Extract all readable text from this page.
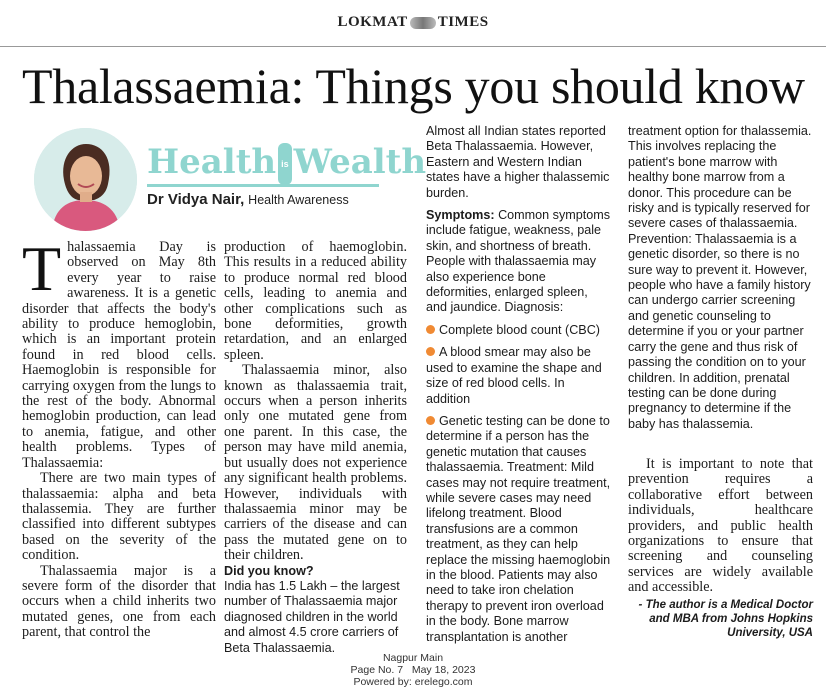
LOKMAT TIMES
Thalassaemia: Things you should know
Health is Wealth
Dr Vidya Nair, Health Awareness

Thalassaemia Day is observed on May 8th every year to raise awareness. It is a genetic disorder that affects the body's ability to produce hemoglobin, which is an important protein found in red blood cells. Haemoglobin is responsible for carrying oxygen from the lungs to the rest of the body. Abnormal hemoglobin production, can lead to anemia, fatigue, and other health problems. Types of Thalassaemia:

There are two main types of thalassaemia: alpha and beta thalassemia. They are further classified into different subtypes based on the severity of the condition.

Thalassaemia major is a severe form of the disorder that occurs when a child inherits two mutated genes, one from each parent, that control the

production of haemoglobin. This results in a reduced ability to produce normal red blood cells, leading to anemia and other complications such as bone deformities, growth retardation, and an enlarged spleen.

Thalassaemia minor, also known as thalassaemia trait, occurs when a person inherits only one mutated gene from one parent. In this case, the person may have mild anemia, but usually does not experience any significant health problems. However, individuals with thalassaemia minor may be carriers of the disease and can pass the mutated gene on to their children.

Did you know?
India has 1.5 Lakh – the largest number of Thalassaemia major diagnosed children in the world and almost 4.5 crore carriers of Beta Thalassaemia.
Almost all Indian states reported Beta Thalassaemia. However, Eastern and Western Indian states have a higher thalassemic burden.
Symptoms: Common symptoms include fatigue, weakness, pale skin, and shortness of breath. People with thalassaemia may also experience bone deformities, enlarged spleen, and jaundice. Diagnosis:
Complete blood count (CBC)
A blood smear may also be used to examine the shape and size of red blood cells. In addition
Genetic testing can be done to determine if a person has the genetic mutation that causes thalassaemia. Treatment: Mild cases may not require treatment, while severe cases may need lifelong treatment. Blood transfusions are a common treatment, as they can help replace the missing haemoglobin in the blood. Patients may also need to take iron chelation therapy to prevent iron overload in the body. Bone marrow transplantation is another
treatment option for thalassemia. This involves replacing the patient's bone marrow with healthy bone marrow from a donor. This procedure can be risky and is typically reserved for severe cases of thalassaemia. Prevention: Thalassaemia is a genetic disorder, so there is no sure way to prevent it. However, people who have a family history can undergo carrier screening and genetic counseling to determine if you or your partner carry the gene and thus risk of passing the condition on to your children. In addition, prenatal testing can be done during pregnancy to determine if the baby has thalassemia.

It is important to note that prevention requires a collaborative effort between individuals, healthcare providers, and public health organizations to ensure that screening and counseling services are widely available and accessible.

- The author is a Medical Doctor and MBA from Johns Hopkins University, USA
Nagpur Main
Page No. 7 May 18, 2023
Powered by: erelego.com
